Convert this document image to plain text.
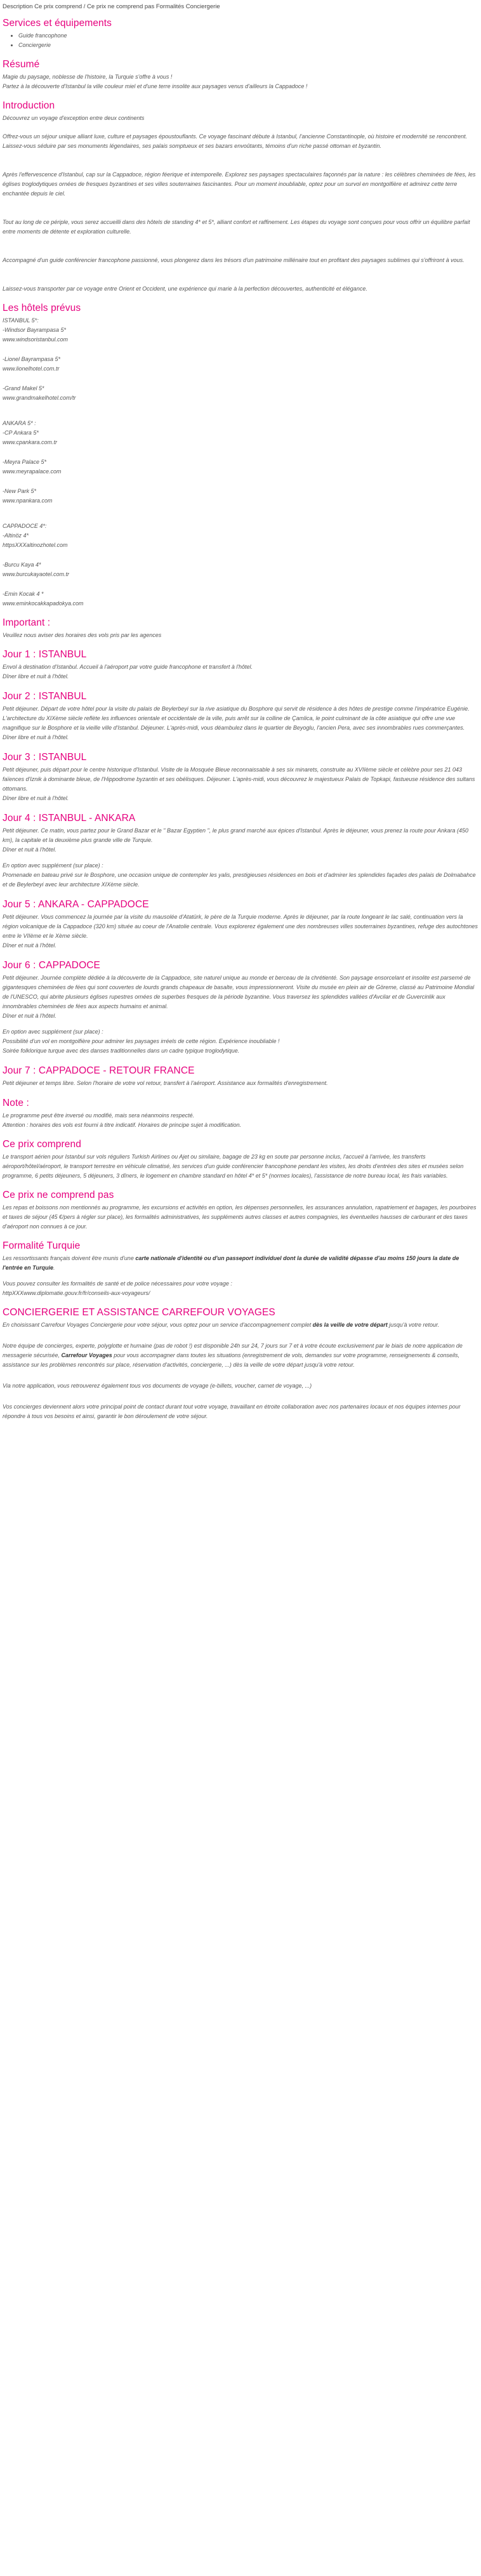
Description Ce prix comprend / Ce prix ne comprend pas Formalités Conciergerie
Services et équipements
• Guide francophone
• Conciergerie
Résumé

Magie du paysage, noblesse de l'histoire, la Turquie s'offre à vous !

Partez à la découverte d'Istanbul la ville couleur miel et d'une terre insolite aux paysages venus d'ailleurs la Cappadoce !

Introduction

Découvrez un voyage d'exception entre deux continents

Offrez-vous un séjour unique alliant luxe, culture et paysages époustouflants. Ce voyage fascinant débute à Istanbul, l'ancienne Constantinople, où histoire et modernité se rencontrent. Laissez-vous séduire par ses monuments légendaires, ses palais somptueux et ses bazars envoûtants, témoins d'un riche passé ottoman et byzantin.

Après l'effervescence d'Istanbul, cap sur la Cappadoce, région féerique et intemporelle. Explorez ses paysages spectaculaires façonnés par la nature : les célèbres cheminées de fées, les églises troglodytiques ornées de fresques byzantines et ses villes souterraines fascinantes. Pour un moment inoubliable, optez pour un survol en montgolfière et admirez cette terre enchantée depuis le ciel.

Tout au long de ce périple, vous serez accueilli dans des hôtels de standing 4* et 5*, alliant confort et raffinement. Les étapes du voyage sont conçues pour vous offrir un équilibre parfait entre moments de détente et exploration culturelle.

Accompagné d'un guide conférencier francophone passionné, vous plongerez dans les trésors d'un patrimoine millénaire tout en profitant des paysages sublimes qui s'offriront à vous.

Laissez-vous transporter par ce voyage entre Orient et Occident, une expérience qui marie à la perfection découvertes, authenticité et élégance.

Les hôtels prévus
ISTANBUL 5*:
-Windsor Bayrampasa 5*
www.windsoristanbul.com
-Lionel Bayrampasa 5*
www.lionelhotel.com.tr
-Grand Makel 5*
www.grandmakelhotel.com/tr
ANKARA 5* :
-CP Ankara 5*
www.cpankara.com.tr
-Meyra Palace 5*
www.meyrapalace.com
-New Park 5*
www.npankara.com
CAPPADOCE 4*:
-Altinöz 4*
httpsXXXaltinozhotel.com
-Burcu Kaya 4*
www.burcukayaotel.com.tr
-Emin Kocak 4 *
www.eminkocakkapadokya.com
Important :

Veuillez nous aviser des horaires des vols pris par les agences

Jour 1 : ISTANBUL

Envol à destination d'Istanbul. Accueil à l'aéroport par votre guide francophone et transfert à l'hôtel.

Dîner libre et nuit à l'hôtel.

Jour 2 : ISTANBUL

Petit déjeuner. Départ de votre hôtel pour la visite du palais de Beylerbeyi sur la rive asiatique du Bosphore qui servit de résidence à des hôtes de prestige comme l'impératrice Eugénie. L'architecture du XIXème siècle reflète les influences orientale et occidentale de la ville, puis arrêt sur la colline de Çamlica, le point culminant de la côte asiatique qui offre une vue magnifique sur le Bosphore et la vieille ville d'Istanbul. Déjeuner. L'après-midi, vous déambulez dans le quartier de Beyoglu, l'ancien Pera, avec ses innombrables rues commerçantes.

Dîner libre et nuit à l'hôtel.

Jour 3 : ISTANBUL

Petit déjeuner, puis départ pour le centre historique d'Istanbul. Visite de la Mosquée Bleue reconnaissable à ses six minarets, construite au XVIIème siècle et célèbre pour ses 21 043 faïences d'Iznik à dominante bleue, de l'Hippodrome byzantin et ses obélisques. Déjeuner. L'après-midi, vous découvrez le majestueux Palais de Topkapi, fastueuse résidence des sultans ottomans.

Dîner libre et nuit à l'hôtel.

Jour 4 : ISTANBUL - ANKARA

Petit déjeuner. Ce matin, vous partez pour le Grand Bazar et le " Bazar Egyptien ", le plus grand marché aux épices d'Istanbul. Après le déjeuner, vous prenez la route pour Ankara (450 km), la capitale et la deuxième plus grande ville de Turquie.

Dîner et nuit à l'hôtel.

En option avec supplément (sur place) :

Promenade en bateau privé sur le Bosphore, une occasion unique de contempler les yalis, prestigieuses résidences en bois et d'admirer les splendides façades des palais de Dolmabahce et de Beylerbeyi avec leur architecture XIXème siècle.

Jour 5 : ANKARA - CAPPADOCE

Petit déjeuner. Vous commencez la journée par la visite du mausolée d'Atatürk, le père de la Turquie moderne. Après le déjeuner, par la route longeant le lac salé, continuation vers la région volcanique de la Cappadoce (320 km) située au coeur de l'Anatolie centrale. Vous explorerez également une des nombreuses villes souterraines byzantines, refuge des autochtones entre le VIIème et le Xème siècle.

Dîner et nuit à l'hôtel.

Jour 6 : CAPPADOCE

Petit déjeuner. Journée complète dédiée à la découverte de la Cappadoce, site naturel unique au monde et berceau de la chrétienté. Son paysage ensorcelant et insolite est parsemé de gigantesques cheminées de fées qui sont couvertes de lourds grands chapeaux de basalte, vous impressionneront. Visite du musée en plein air de Göreme, classé au Patrimoine Mondial de l'UNESCO, qui abrite plusieurs églises rupestres ornées de superbes fresques de la période byzantine. Vous traversez les splendides vallées d'Avcilar et de Guvercinlik aux innombrables cheminées de fées aux aspects humains et animal.

Dîner et nuit à l'hôtel.

En option avec supplément (sur place) :

Possibilité d'un vol en montgolfière pour admirer les paysages irréels de cette région. Expérience inoubliable !

Soirée folklorique turque avec des danses traditionnelles dans un cadre typique troglodytique.

Jour 7 : CAPPADOCE - RETOUR FRANCE

Petit déjeuner et temps libre. Selon l'horaire de votre vol retour, transfert à l'aéroport. Assistance aux formalités d'enregistrement.

Note :
Le programme peut être inversé ou modifié, mais sera néanmoins respecté.
Attention : horaires des vols est fourni à titre indicatif. Horaires de principe sujet à modification.
Ce prix comprend

Le transport aérien pour Istanbul sur vols réguliers Turkish Airlines ou Ajet ou similaire, bagage de 23 kg en soute par personne inclus, l'accueil à l'arrivée, les transferts aéroport/hôtel/aéroport, le transport terrestre en véhicule climatisé, les services d'un guide conférencier francophone pendant les visites, les droits d'entrées des sites et musées selon programme, 6 petits déjeuners, 5 déjeuners, 3 dîners, le logement en chambre standard en hôtel 4* et 5* (normes locales), l'assistance de notre bureau local, les frais variables.

Ce prix ne comprend pas

Les repas et boissons non mentionnés au programme, les excursions et activités en option, les dépenses personnelles, les assurances annulation, rapatriement et bagages, les pourboires et taxes de séjour (45 €/pers à régler sur place), les formalités administratives, les suppléments autres classes et autres compagnies, les éventuelles hausses de carburant et des taxes d'aéroport non connues à ce jour.

Formalité Turquie

Les ressortissants français doivent être munis d'une carte nationale d'identité ou d'un passeport individuel dont la durée de validité dépasse d'au moins 150 jours la date de l'entrée en Turquie.

Vous pouvez consulter les formalités de santé et de police nécessaires pour votre voyage :

httpXXXwww.diplomatie.gouv.fr/fr/conseils-aux-voyageurs/

CONCIERGERIE ET ASSISTANCE CARREFOUR VOYAGES

En choisissant Carrefour Voyages Conciergerie pour votre séjour, vous optez pour un service d'accompagnement complet dès la veille de votre départ jusqu'à votre retour.

Notre équipe de concierges, experte, polyglotte et humaine (pas de robot !) est disponible 24h sur 24, 7 jours sur 7 et à votre écoute exclusivement par le biais de notre application de messagerie sécurisée, Carrefour Voyages pour vous accompagner dans toutes les situations (enregistrement de vols, demandes sur votre programme, renseignements & conseils, assistance sur les problèmes rencontrés sur place, réservation d'activités, conciergerie, ...) dès la veille de votre départ jusqu'à votre retour.

Via notre application, vous retrouverez également tous vos documents de voyage (e-billets, voucher, carnet de voyage, ...)

Vos concierges deviennent alors votre principal point de contact durant tout votre voyage, travaillant en étroite collaboration avec nos partenaires locaux et nos équipes internes pour répondre à tous vos besoins et ainsi, garantir le bon déroulement de votre séjour.
